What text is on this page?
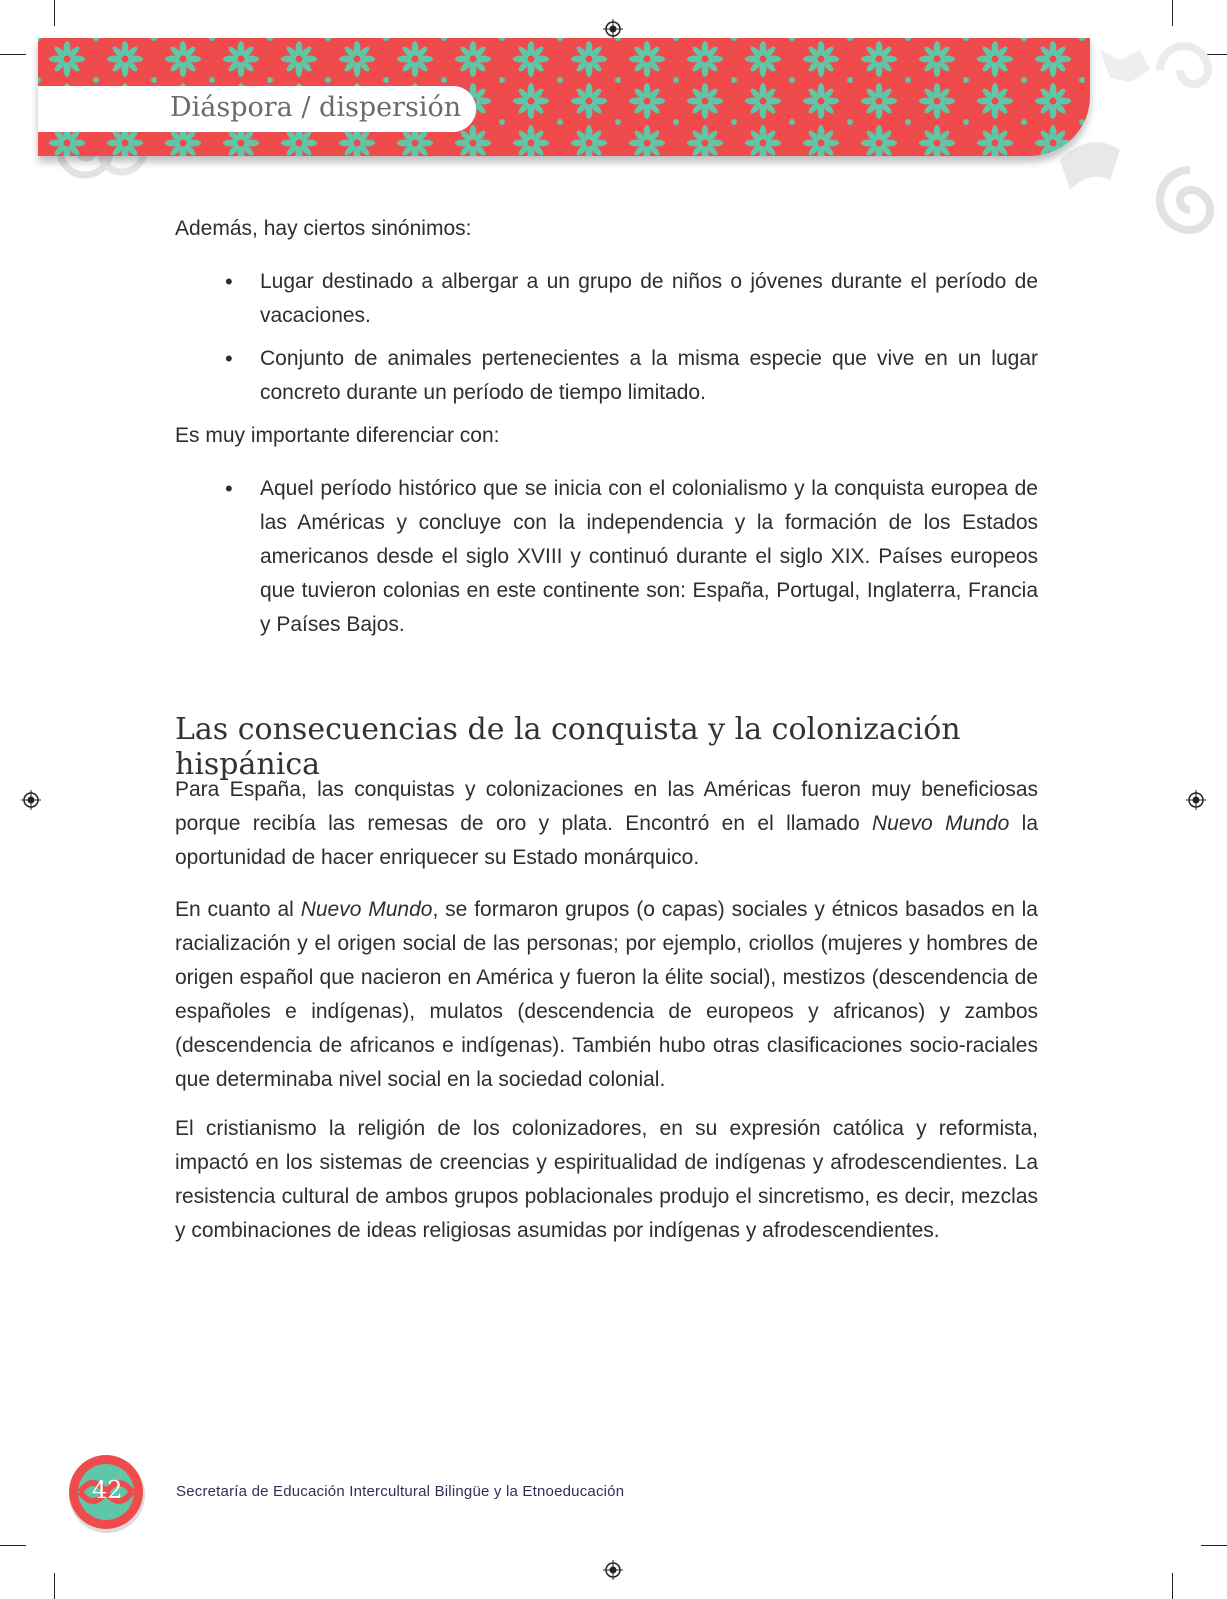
Diáspora / dispersión

Además, hay ciertos sinónimos:

• Lugar destinado a albergar a un grupo de niños o jóvenes durante el período de vacaciones.
• Conjunto de animales pertenecientes a la misma especie que vive en un lugar concreto durante un período de tiempo limitado.

Es muy importante diferenciar con:

• Aquel período histórico que se inicia con el colonialismo y la conquista europea de las Américas y concluye con la independencia y la formación de los Estados americanos desde el siglo XVIII y continuó durante el siglo XIX. Países europeos que tuvieron colonias en este continente son: España, Portugal, Inglaterra, Francia y Países Bajos.
Las consecuencias de la conquista y la colonización hispánica

Para España, las conquistas y colonizaciones en las Américas fueron muy beneficiosas porque recibía las remesas de oro y plata. Encontró en el llamado Nuevo Mundo la oportunidad de hacer enriquecer su Estado monárquico.

En cuanto al Nuevo Mundo, se formaron grupos (o capas) sociales y étnicos basados en la racialización y el origen social de las personas; por ejemplo, criollos (mujeres y hombres de origen español que nacieron en América y fueron la élite social), mestizos (descendencia de españoles e indígenas), mulatos (descendencia de europeos y africanos) y zambos (descendencia de africanos e indígenas). También hubo otras clasificaciones socio-raciales que determinaba nivel social en la sociedad colonial.

El cristianismo la religión de los colonizadores, en su expresión católica y reformista, impactó en los sistemas de creencias y espiritualidad de indígenas y afrodescendientes. La resistencia cultural de ambos grupos poblacionales produjo el sincretismo, es decir, mezclas y combinaciones de ideas religiosas asumidas por indígenas y afrodescendientes.

42	Secretaría de Educación Intercultural Bilingüe y la Etnoeducación
